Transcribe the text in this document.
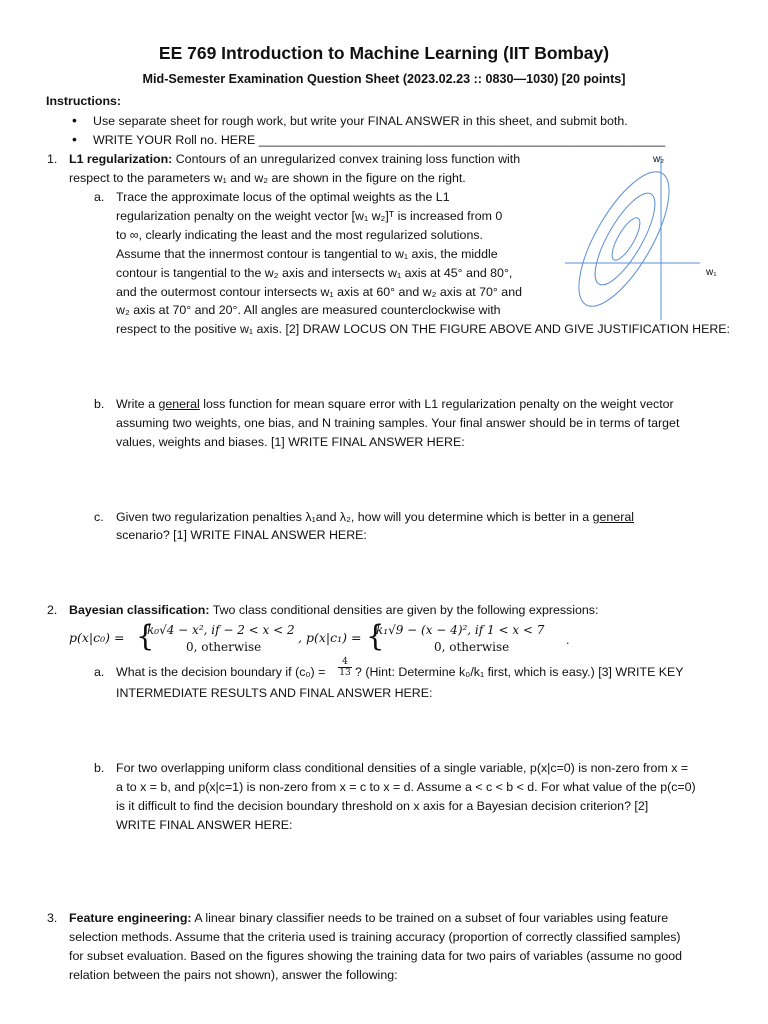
EE 769 Introduction to Machine Learning (IIT Bombay)
Mid-Semester Examination Question Sheet (2023.02.23 :: 0830—1030) [20 points]
Instructions:
• Use separate sheet for rough work, but write your FINAL ANSWER in this sheet, and submit both.
• WRITE YOUR Roll no. HERE ___________________________________________________________
1. L1 regularization: Contours of an unregularized convex training loss function with
respect to the parameters w₁ and w₂ are shown in the figure on the right.
a. Trace the approximate locus of the optimal weights as the L1
regularization penalty on the weight vector [w₁ w₂]ᵀ is increased from 0
to ∞, clearly indicating the least and the most regularized solutions.
Assume that the innermost contour is tangential to w₁ axis, the middle
contour is tangential to the w₂ axis and intersects w₁ axis at 45° and 80°,
and the outermost contour intersects w₁ axis at 60° and w₂ axis at 70° and
w₂ axis at 70° and 20°. All angles are measured counterclockwise with
respect to the positive w₁ axis. [2] DRAW LOCUS ON THE FIGURE ABOVE AND GIVE JUSTIFICATION HERE:
w₂
w₁
b. Write a general loss function for mean square error with L1 regularization penalty on the weight vector
assuming two weights, one bias, and N training samples. Your final answer should be in terms of target
values, weights and biases. [1] WRITE FINAL ANSWER HERE:
c. Given two regularization penalties λ₁and λ₂, how will you determine which is better in a general
scenario? [1] WRITE FINAL ANSWER HERE:
2. Bayesian classification: Two class conditional densities are given by the following expressions:
p(x|c₀) = {
k₀√4 − x², if − 2 < x < 2
0, otherwise
, p(x|c₁) = {
k₁√9 − (x − 4)², if 1 < x < 7
0, otherwise	.
a. What is the decision boundary if $(c_0) = \frac{4}{13}$ ? (Hint: Determine k₀/k₁ first, which is easy.) [3] WRITE KEY
INTERMEDIATE RESULTS AND FINAL ANSWER HERE:
b. For two overlapping uniform class conditional densities of a single variable, p(x|c=0) is non-zero from x =
a to x = b, and p(x|c=1) is non-zero from x = c to x = d. Assume a < c < b < d. For what value of the p(c=0)
is it difficult to find the decision boundary threshold on x axis for a Bayesian decision criterion? [2]
WRITE FINAL ANSWER HERE:
3. Feature engineering: A linear binary classifier needs to be trained on a subset of four variables using feature
selection methods. Assume that the criteria used is training accuracy (proportion of correctly classified samples)
for subset evaluation. Based on the figures showing the training data for two pairs of variables (assume no good
relation between the pairs not shown), answer the following:
